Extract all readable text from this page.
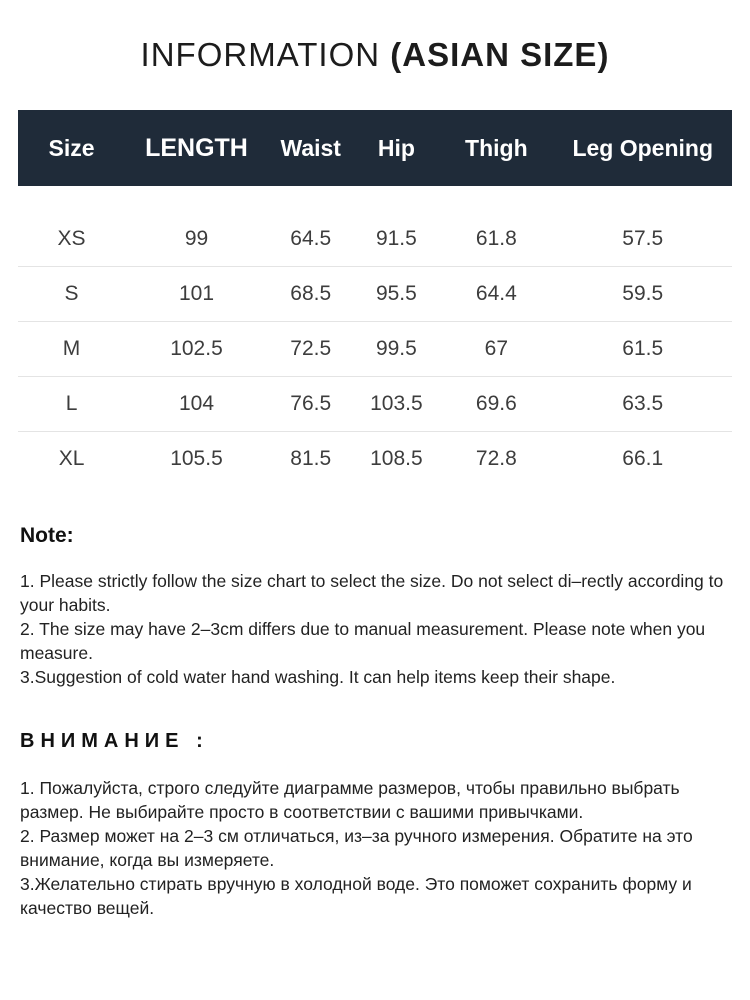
INFORMATION (ASIAN SIZE)
Size	LENGTH	Waist	Hip	Thigh	Leg Opening
XS	99	64.5	91.5	61.8	57.5
S	101	68.5	95.5	64.4	59.5
M	102.5	72.5	99.5	67	61.5
L	104	76.5	103.5	69.6	63.5
XL	105.5	81.5	108.5	72.8	66.1
Note:

1. Please strictly follow the size chart to select the size. Do not select di–rectly according to your habits.

2. The size may have 2–3cm differs due to manual measurement. Please note when you measure.

3.Suggestion of cold water hand washing. It can help items keep their shape.

ВНИМАНИЕ :

1. Пожалуйста, строго следуйте диаграмме размеров, чтобы правильно выбрать размер. Не выбирайте просто в соответствии с вашими привычками.

2. Размер может на 2–3 см отличаться, из–за ручного измерения. Обратите на это внимание, когда вы измеряете.

3.Желательно стирать вручную в холодной воде. Это поможет сохранить форму и качество вещей.
